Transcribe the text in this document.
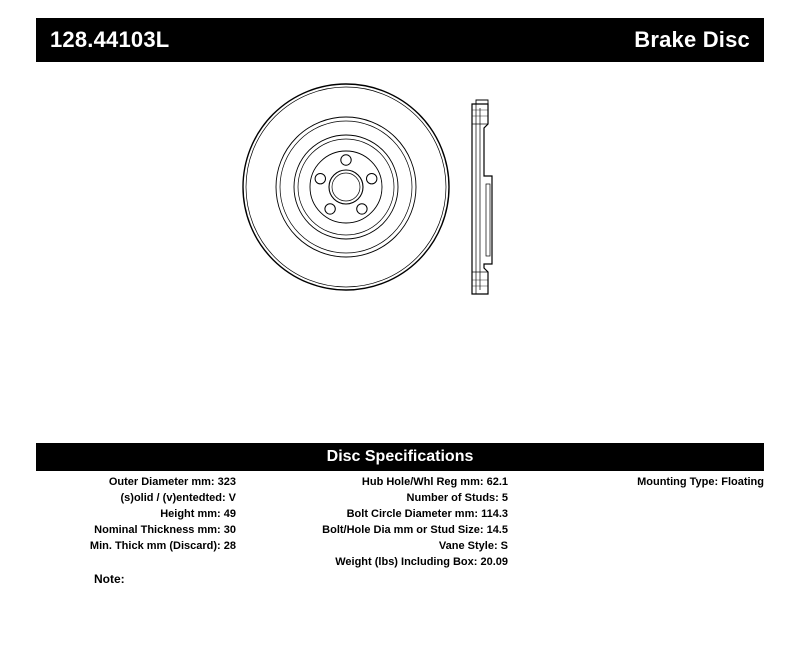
128.44103L	Brake Disc
Disc Specifications
Outer Diameter mm: 323
(s)olid / (v)entedted: V
Height mm: 49
Nominal Thickness mm: 30
Min. Thick mm (Discard): 28
Hub Hole/Whl Reg mm: 62.1
Number of Studs: 5
Bolt Circle Diameter mm: 114.3
Bolt/Hole Dia mm or Stud Size: 14.5
Vane Style: S
Weight (lbs) Including Box: 20.09
Mounting Type: Floating
Note:
